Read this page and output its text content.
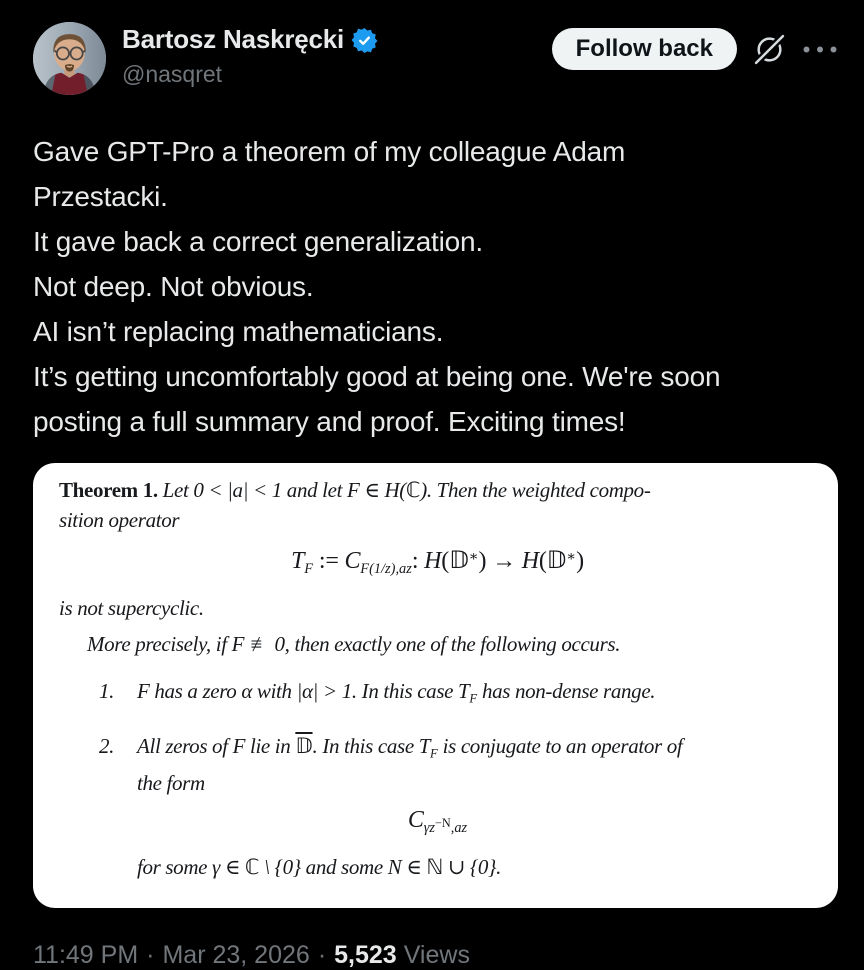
Bartosz Naskręcki
@nasqret
Follow back
Gave GPT-Pro a theorem of my colleague Adam
Przestacki.
It gave back a correct generalization.
Not deep. Not obvious.
AI isn’t replacing mathematicians.
It’s getting uncomfortably good at being one. We're soon
posting a full summary and proof. Exciting times!
Theorem 1. Let 0 < |a| < 1 and let F ∈ H(ℂ). Then the weighted compo-
sition operator
$T_F$ := $C_{F(1/z),az}$: H(𝔻∗) → H(𝔻∗)
is not supercyclic.
More precisely, if F ≢ 0, then exactly one of the following occurs.
1.	F has a zero α with |α| > 1. In this case $T_F$ has non-dense range.
2.	All zeros of F lie in 𝔻. In this case $T_F$ is conjugate to an operator of
the form
$C_{\gamma z^{-N},az}$
for some γ ∈ ℂ \ {0} and some N ∈ ℕ ∪ {0}.
11:49 PM · Mar 23, 2026 · 5,523 Views
